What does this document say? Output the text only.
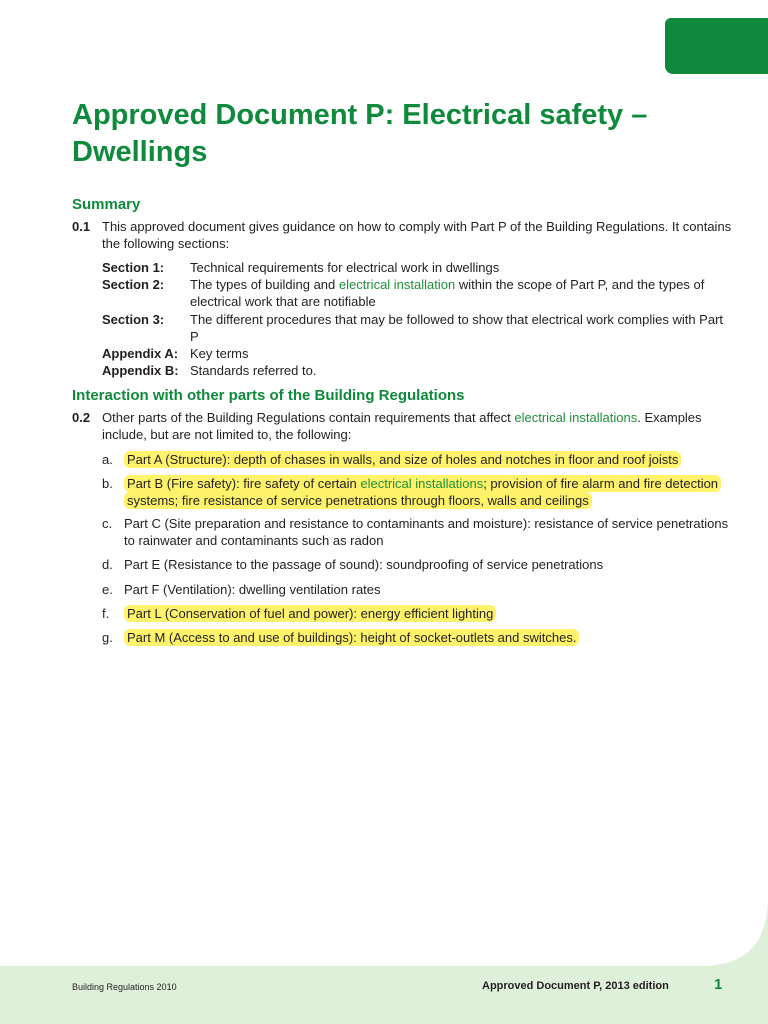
Approved Document P: Electrical safety – Dwellings
Summary
0.1 This approved document gives guidance on how to comply with Part P of the Building Regulations. It contains the following sections:
Section 1: Technical requirements for electrical work in dwellings
Section 2: The types of building and electrical installation within the scope of Part P, and the types of electrical work that are notifiable
Section 3: The different procedures that may be followed to show that electrical work complies with Part P
Appendix A: Key terms
Appendix B: Standards referred to.
Interaction with other parts of the Building Regulations
0.2 Other parts of the Building Regulations contain requirements that affect electrical installations. Examples include, but are not limited to, the following:
a. Part A (Structure): depth of chases in walls, and size of holes and notches in floor and roof joists
b. Part B (Fire safety): fire safety of certain electrical installations; provision of fire alarm and fire detection systems; fire resistance of service penetrations through floors, walls and ceilings
c. Part C (Site preparation and resistance to contaminants and moisture): resistance of service penetrations to rainwater and contaminants such as radon
d. Part E (Resistance to the passage of sound): soundproofing of service penetrations
e. Part F (Ventilation): dwelling ventilation rates
f. Part L (Conservation of fuel and power): energy efficient lighting
g. Part M (Access to and use of buildings): height of socket-outlets and switches.
Building Regulations 2010	Approved Document P, 2013 edition	1
